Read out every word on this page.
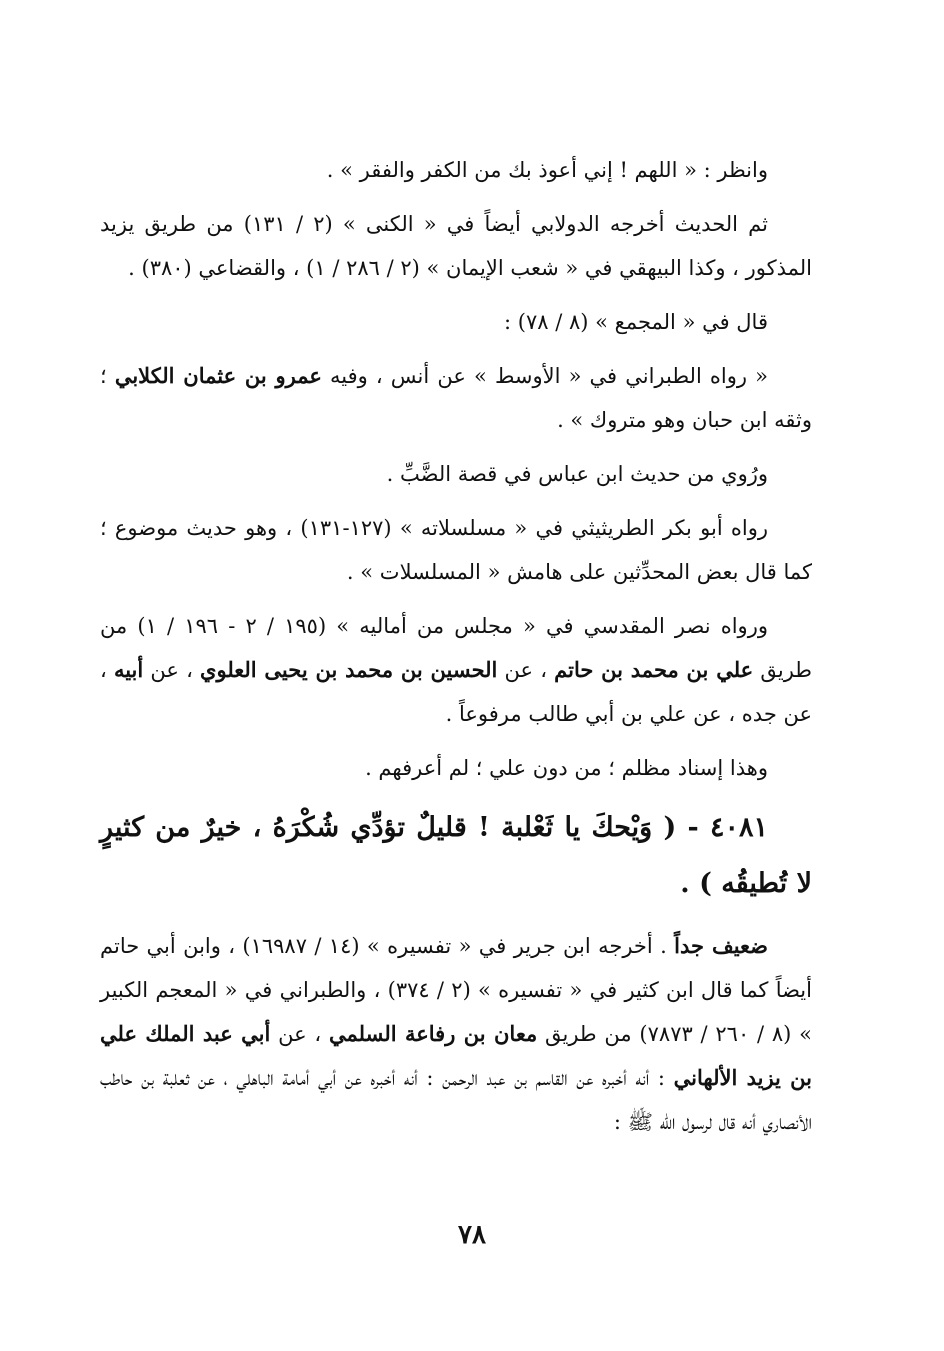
وانظر : « اللهم ! إني أعوذ بك من الكفر والفقر » .

ثم الحديث أخرجه الدولابي أيضاً في « الكنى » (٢ / ١٣١) من طريق يزيد المذكور ، وكذا البيهقي في « شعب الإيمان » (٢ / ٢٨٦ / ١) ، والقضاعي (٣٨٠) .

قال في « المجمع » (٨ / ٧٨) :

« رواه الطبراني في « الأوسط » عن أنس ، وفيه عمرو بن عثمان الكلابي ؛ وثقه ابن حبان وهو متروك » .

ورُوي من حديث ابن عباس في قصة الضَّبِّ .

رواه أبو بكر الطريثيثي في « مسلسلاته » (١٢٧-١٣١) ، وهو حديث موضوع ؛ كما قال بعض المحدِّثين على هامش « المسلسلات » .

ورواه نصر المقدسي في « مجلس من أماليه » (١٩٥ / ٢ - ١٩٦ / ١) من طريق علي بن محمد بن حاتم ، عن الحسين بن محمد بن يحيى العلوي ، عن أبيه ، عن جده ، عن علي بن أبي طالب مرفوعاً .

وهذا إسناد مظلم ؛ من دون علي ؛ لم أعرفهم .

٤٠٨١ - ( وَيْحكَ يا ثَعْلبة ! قليلٌ تؤدِّي شُكْرَهُ ، خيرٌ من كثيرٍ لا تُطيقُه ) .

ضعيف جداً . أخرجه ابن جرير في « تفسيره » (١٤ / ١٦٩٨٧) ، وابن أبي حاتم أيضاً كما قال ابن كثير في « تفسيره » (٢ / ٣٧٤) ، والطبراني في « المعجم الكبير » (٨ / ٢٦٠ / ٧٨٧٣) من طريق معان بن رفاعة السلمي ، عن أبي عبد الملك علي بن يزيد الألهاني : أنه أخبره عن القاسم بن عبد الرحمن : أنه أخبره عن أبي أمامة الباهلي ، عن ثعلبة بن حاطب الأنصاري أنه قال لرسول الله ﷺ :

٧٨
